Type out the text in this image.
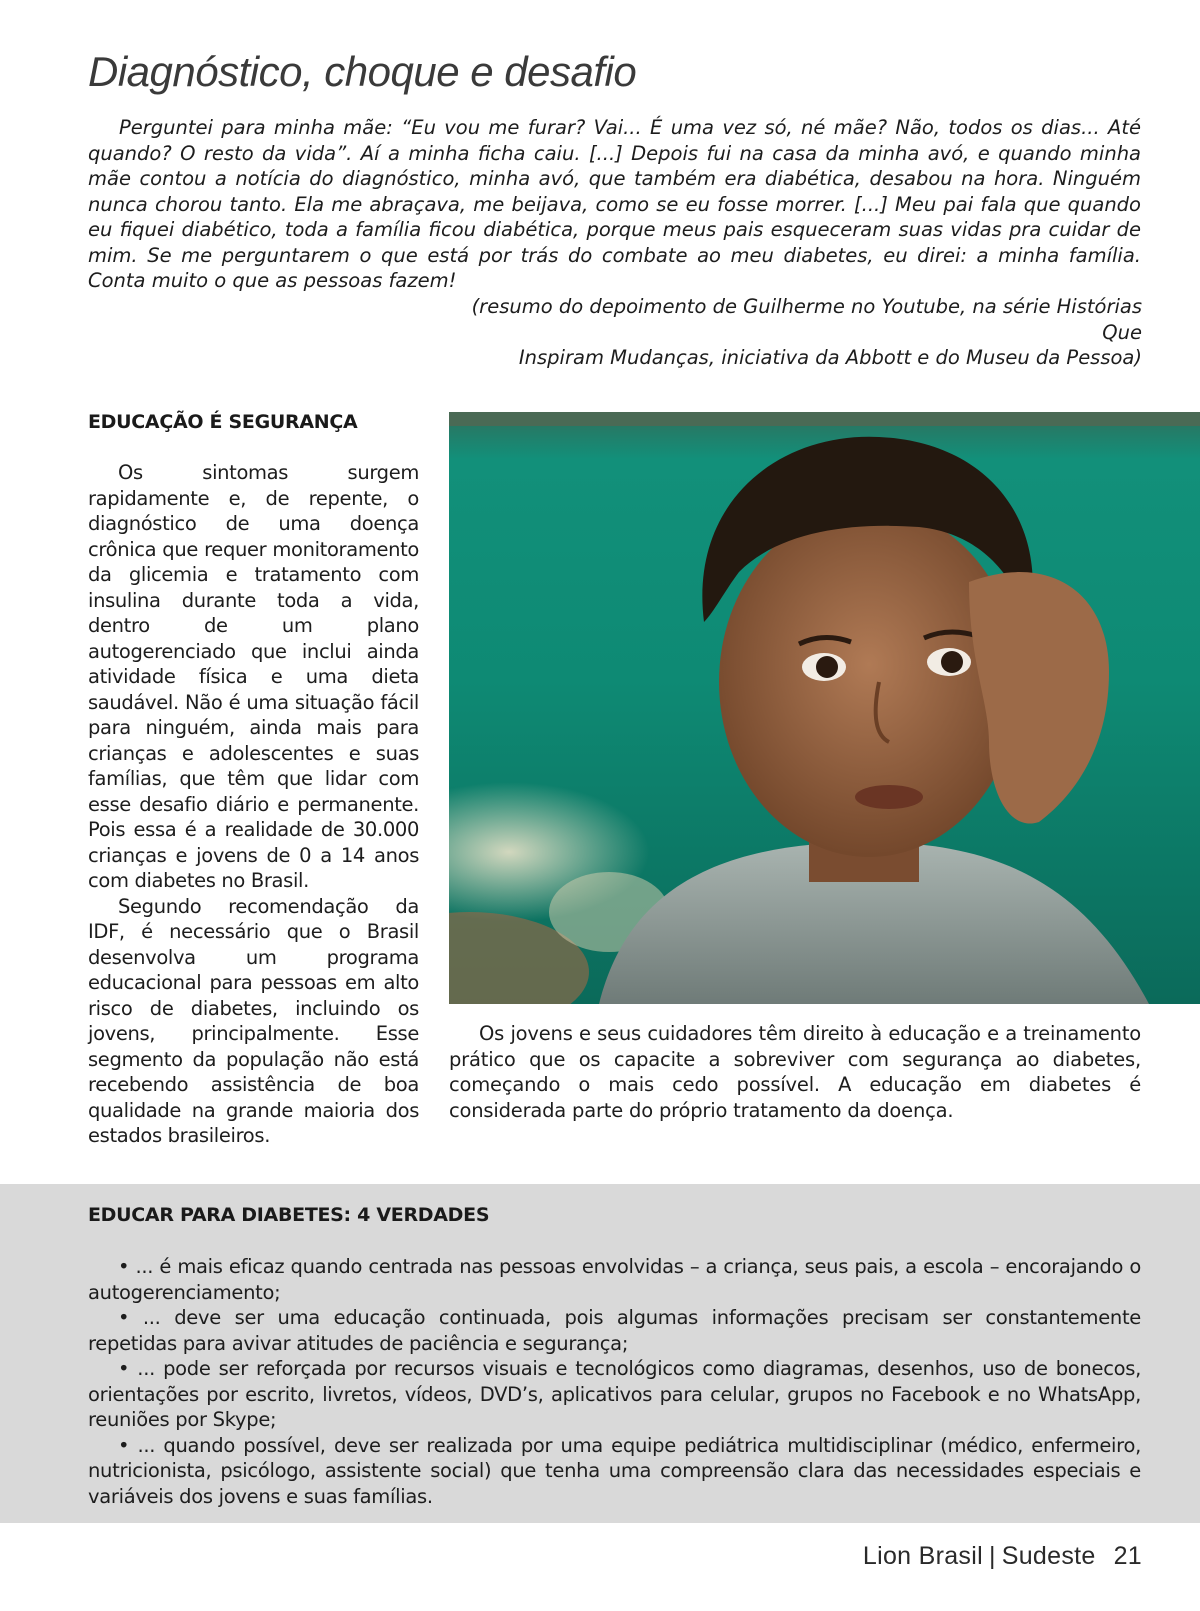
Diagnóstico, choque e desafio

Perguntei para minha mãe: “Eu vou me furar? Vai... É uma vez só, né mãe? Não, todos os dias... Até quando? O resto da vida”. Aí a minha ficha caiu. [...] Depois fui na casa da minha avó, e quando minha mãe contou a notícia do diagnóstico, minha avó, que também era diabética, desabou na hora. Ninguém nunca chorou tanto. Ela me abraçava, me beijava, como se eu fosse morrer. [...] Meu pai fala que quando eu fiquei diabético, toda a família ficou diabética, porque meus pais esqueceram suas vidas pra cuidar de mim. Se me perguntarem o que está por trás do combate ao meu diabetes, eu direi: a minha família. Conta muito o que as pessoas fazem!

(resumo do depoimento de Guilherme no Youtube, na série Histórias Que
Inspiram Mudanças, iniciativa da Abbott e do Museu da Pessoa)
EDUCAÇÃO É SEGURANÇA

Os sintomas surgem rapidamente e, de repente, o diagnóstico de uma doença crônica que requer monitoramento da glicemia e tratamento com insulina durante toda a vida, dentro de um plano autogerenciado que inclui ainda atividade física e uma dieta saudável. Não é uma situação fácil para ninguém, ainda mais para crianças e adolescentes e suas famílias, que têm que lidar com esse desafio diário e permanente. Pois essa é a realidade de 30.000 crianças e jovens de 0 a 14 anos com diabetes no Brasil.

Segundo recomendação da IDF, é necessário que o Brasil desenvolva um programa educacional para pessoas em alto risco de diabetes, incluindo os jovens, principalmente. Esse segmento da população não está recebendo assistência de boa qualidade na grande maioria dos estados brasileiros.

Os jovens e seus cuidadores têm direito à educação e a treinamento prático que os capacite a sobreviver com segurança ao diabetes, começando o mais cedo possível. A educação em diabetes é considerada parte do próprio tratamento da doença.

EDUCAR PARA DIABETES: 4 VERDADES
• ... é mais eficaz quando centrada nas pessoas envolvidas – a criança, seus pais, a escola – encorajando o autogerenciamento;
• ... deve ser uma educação continuada, pois algumas informações precisam ser constantemente repetidas para avivar atitudes de paciência e segurança;
• ... pode ser reforçada por recursos visuais e tecnológicos como diagramas, desenhos, uso de bonecos, orientações por escrito, livretos, vídeos, DVD’s, aplicativos para celular, grupos no Facebook e no WhatsApp, reuniões por Skype;
• ... quando possível, deve ser realizada por uma equipe pediátrica multidisciplinar (médico, enfermeiro, nutricionista, psicólogo, assistente social) que tenha uma compreensão clara das necessidades especiais e variáveis dos jovens e suas famílias.
Lion Brasil | Sudeste 21
